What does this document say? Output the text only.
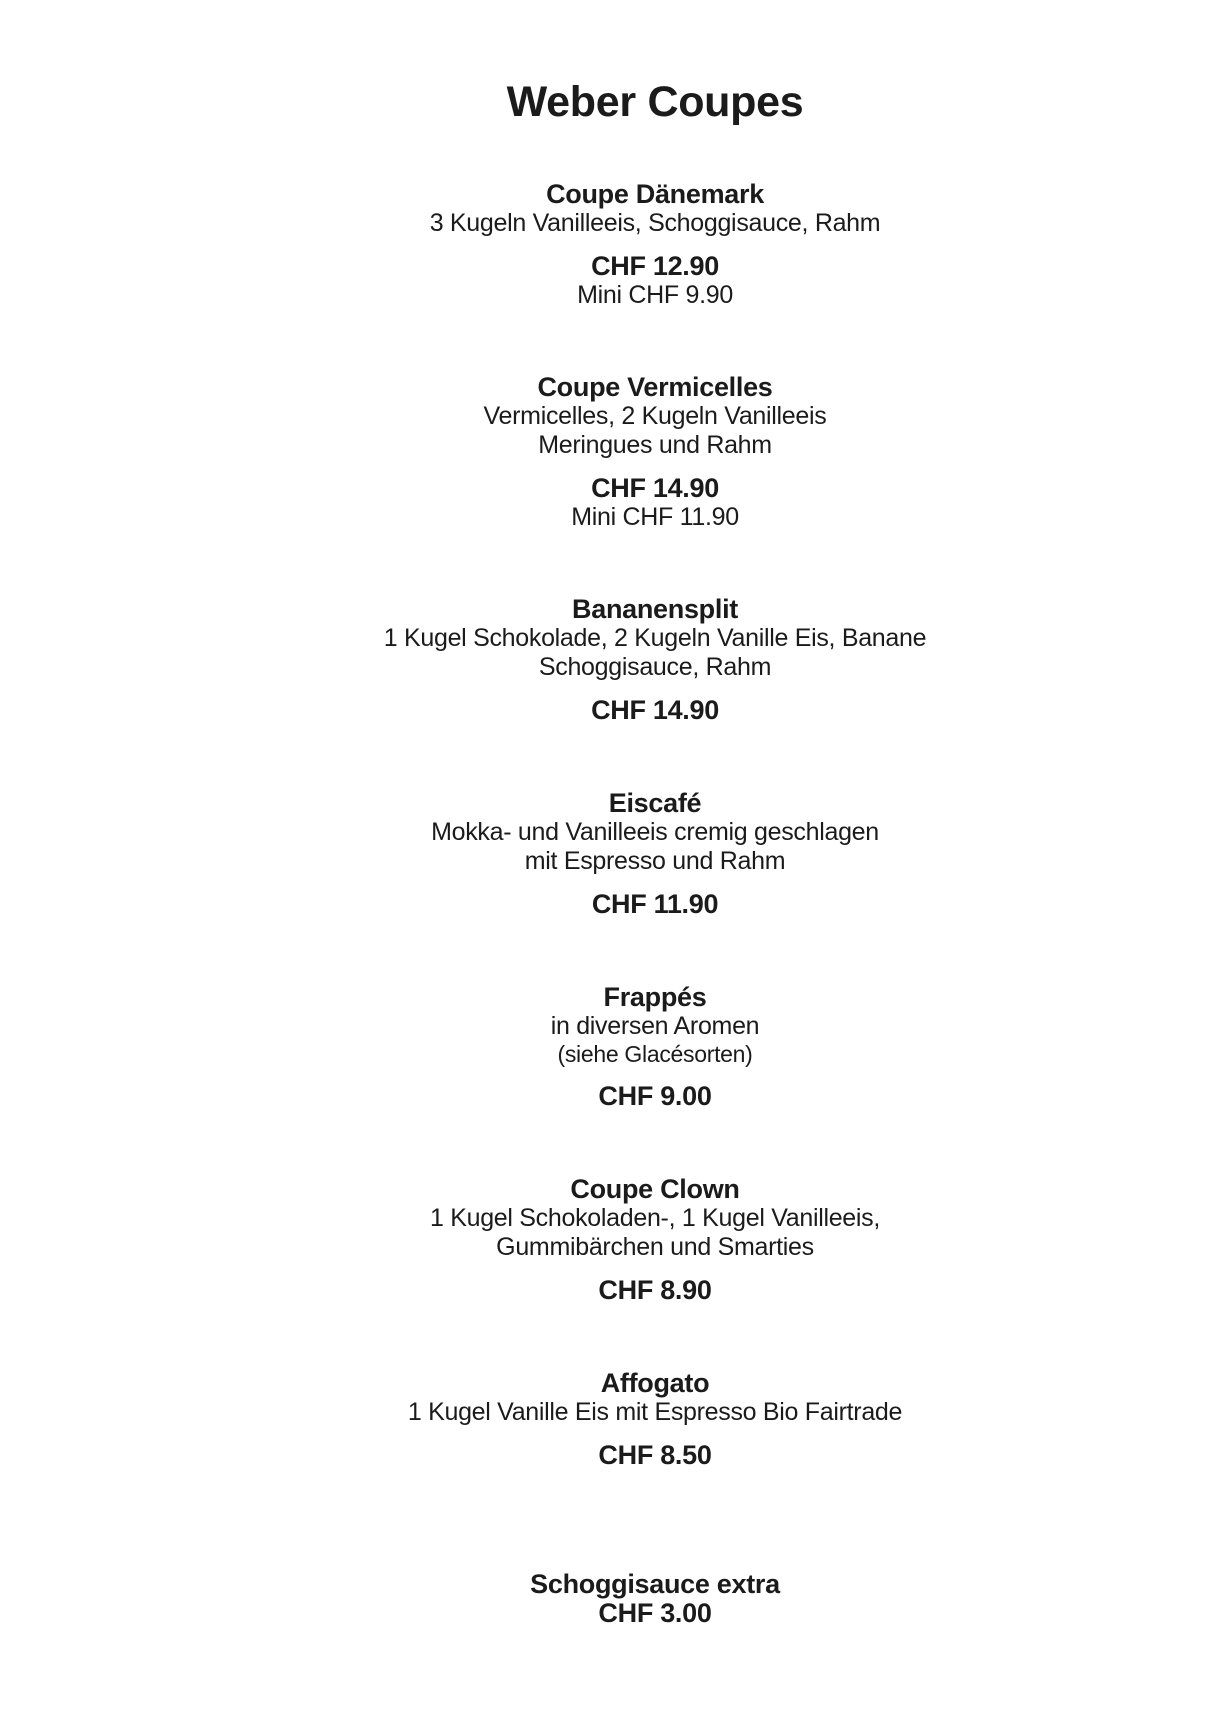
Weber Coupes
Coupe Dänemark

3 Kugeln Vanilleeis, Schoggisauce, Rahm

CHF 12.90

Mini CHF 9.90

Coupe Vermicelles

Vermicelles, 2 Kugeln Vanilleeis

Meringues und Rahm

CHF 14.90

Mini CHF 11.90

Bananensplit

1 Kugel Schokolade, 2 Kugeln Vanille Eis, Banane

Schoggisauce, Rahm

CHF 14.90

Eiscafé

Mokka- und Vanilleeis cremig geschlagen

mit Espresso und Rahm

CHF 11.90

Frappés

in diversen Aromen

(siehe Glacésorten)

CHF 9.00

Coupe Clown

1 Kugel Schokoladen-, 1 Kugel Vanilleeis,

Gummibärchen und Smarties

CHF 8.90

Affogato

1 Kugel Vanille Eis mit Espresso Bio Fairtrade

CHF 8.50

Schoggisauce extra

CHF 3.00
